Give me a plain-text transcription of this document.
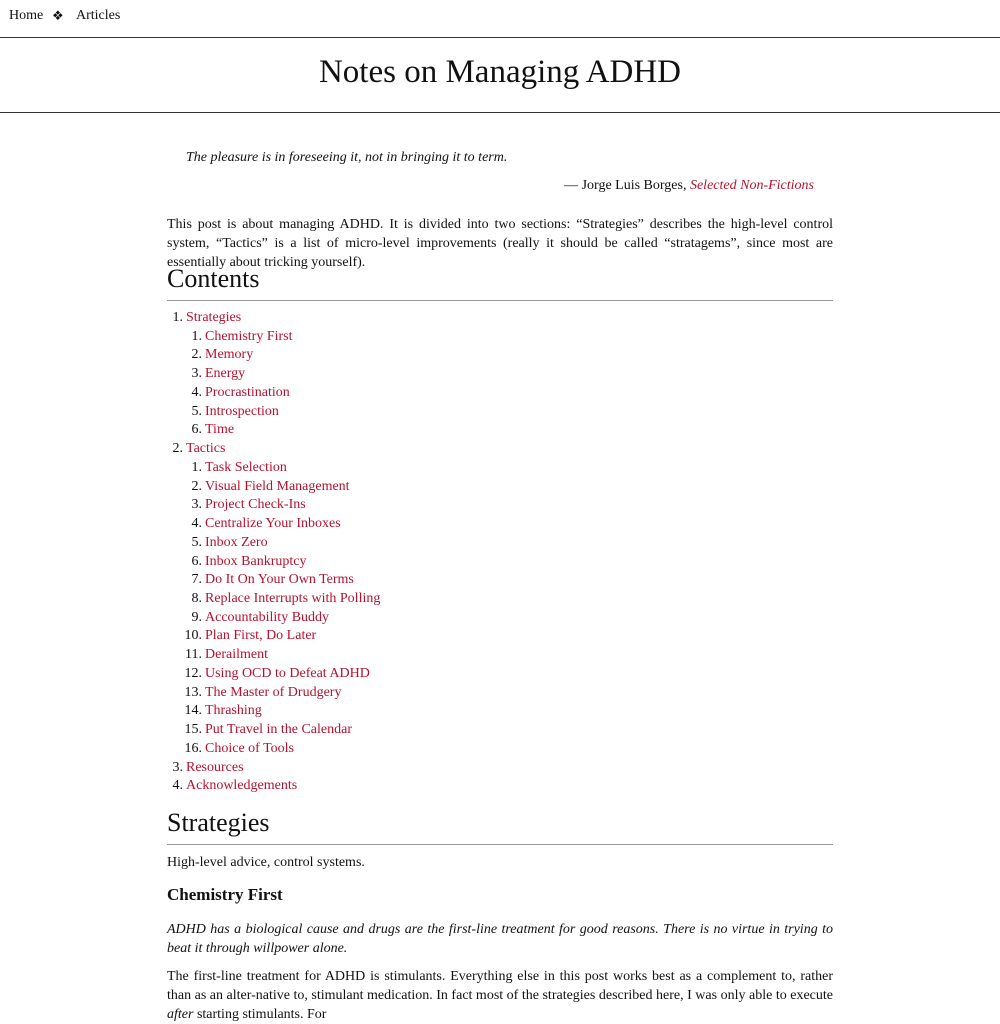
Home ❖ Articles
Notes on Managing ADHD
The pleasure is in foreseeing it, not in bringing it to term.
— Jorge Luis Borges, Selected Non-Fictions

This post is about managing ADHD. It is divided into two sections: “Strategies” describes the high-level control system, “Tactics” is a list of micro-level improvements (really it should be called “stratagems”, since most are essentially about tricking yourself).

Contents
1. Strategies
1. Chemistry First
2. Memory
3. Energy
4. Procrastination
5. Introspection
6. Time
2. Tactics
1. Task Selection
2. Visual Field Management
3. Project Check-Ins
4. Centralize Your Inboxes
5. Inbox Zero
6. Inbox Bankruptcy
7. Do It On Your Own Terms
8. Replace Interrupts with Polling
9. Accountability Buddy
10. Plan First, Do Later
11. Derailment
12. Using OCD to Defeat ADHD
13. The Master of Drudgery
14. Thrashing
15. Put Travel in the Calendar
16. Choice of Tools
3. Resources
4. Acknowledgements
Strategies

High-level advice, control systems.

Chemistry First

ADHD has a biological cause and drugs are the first-line treatment for good reasons. There is no virtue in trying to beat it through willpower alone.

The first-line treatment for ADHD is stimulants. Everything else in this post works best as a complement to, rather than as an alter-native to, stimulant medication. In fact most of the strategies described here, I was only able to execute after starting stimulants. For
